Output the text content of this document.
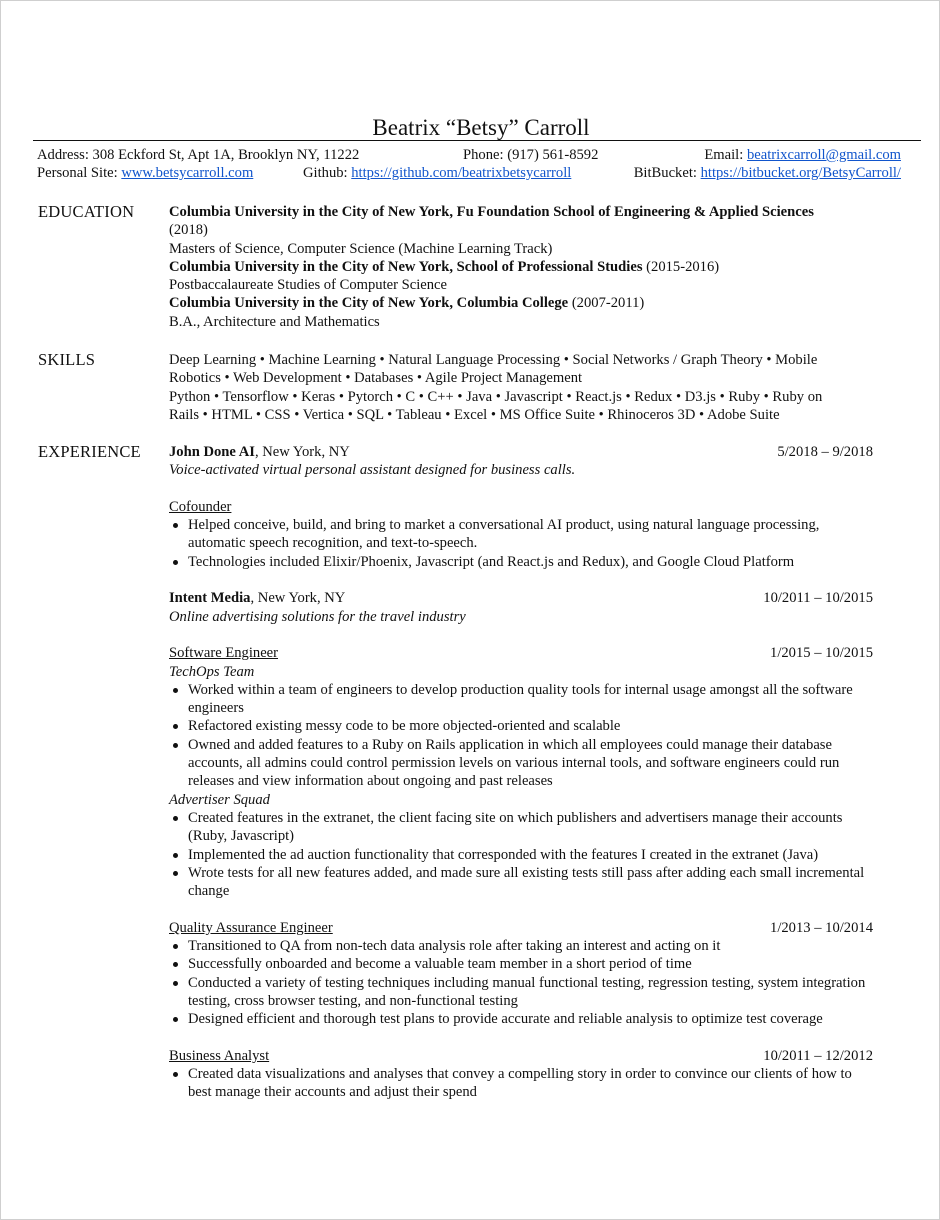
Beatrix “Betsy” Carroll
Address: 308 Eckford St, Apt 1A, Brooklyn NY, 11222	Phone: (917) 561-8592	Email: beatrixcarroll@gmail.com
Personal Site: www.betsycarroll.com	Github: https://github.com/beatrixbetsycarroll	BitBucket: https://bitbucket.org/BetsyCarroll/
EDUCATION Columbia University in the City of New York, Fu Foundation School of Engineering & Applied Sciences
(2018)
Masters of Science, Computer Science (Machine Learning Track)
Columbia University in the City of New York, School of Professional Studies (2015-2016)
Postbaccalaureate Studies of Computer Science
Columbia University in the City of New York, Columbia College (2007-2011)
B.A., Architecture and Mathematics
SKILLS	Deep Learning • Machine Learning • Natural Language Processing • Social Networks / Graph Theory • Mobile
Robotics • Web Development • Databases • Agile Project Management
Python • Tensorflow • Keras • Pytorch • C • C++ • Java • Javascript • React.js • Redux • D3.js • Ruby • Ruby on
Rails • HTML • CSS • Vertica • SQL • Tableau • Excel • MS Office Suite • Rhinoceros 3D • Adobe Suite
EXPERIENCE John Done AI, New York, NY	5/2018 – 9/2018
Voice-activated virtual personal assistant designed for business calls.
Cofounder
Helped conceive, build, and bring to market a conversational AI product, using natural language processing, automatic speech recognition, and text-to-speech.
Technologies included Elixir/Phoenix, Javascript (and React.js and Redux), and Google Cloud Platform
Intent Media, New York, NY	10/2011 – 10/2015
Online advertising solutions for the travel industry
Software Engineer	1/2015 – 10/2015
TechOps Team
Worked within a team of engineers to develop production quality tools for internal usage amongst all the software engineers
Refactored existing messy code to be more objected-oriented and scalable
Owned and added features to a Ruby on Rails application in which all employees could manage their database accounts, all admins could control permission levels on various internal tools, and software engineers could run releases and view information about ongoing and past releases
Advertiser Squad
Created features in the extranet, the client facing site on which publishers and advertisers manage their accounts (Ruby, Javascript)
Implemented the ad auction functionality that corresponded with the features I created in the extranet (Java)
Wrote tests for all new features added, and made sure all existing tests still pass after adding each small incremental change
Quality Assurance Engineer	1/2013 – 10/2014
Transitioned to QA from non-tech data analysis role after taking an interest and acting on it
Successfully onboarded and become a valuable team member in a short period of time
Conducted a variety of testing techniques including manual functional testing, regression testing, system integration testing, cross browser testing, and non-functional testing
Designed efficient and thorough test plans to provide accurate and reliable analysis to optimize test coverage
Business Analyst	10/2011 – 12/2012
Created data visualizations and analyses that convey a compelling story in order to convince our clients of how to best manage their accounts and adjust their spend
